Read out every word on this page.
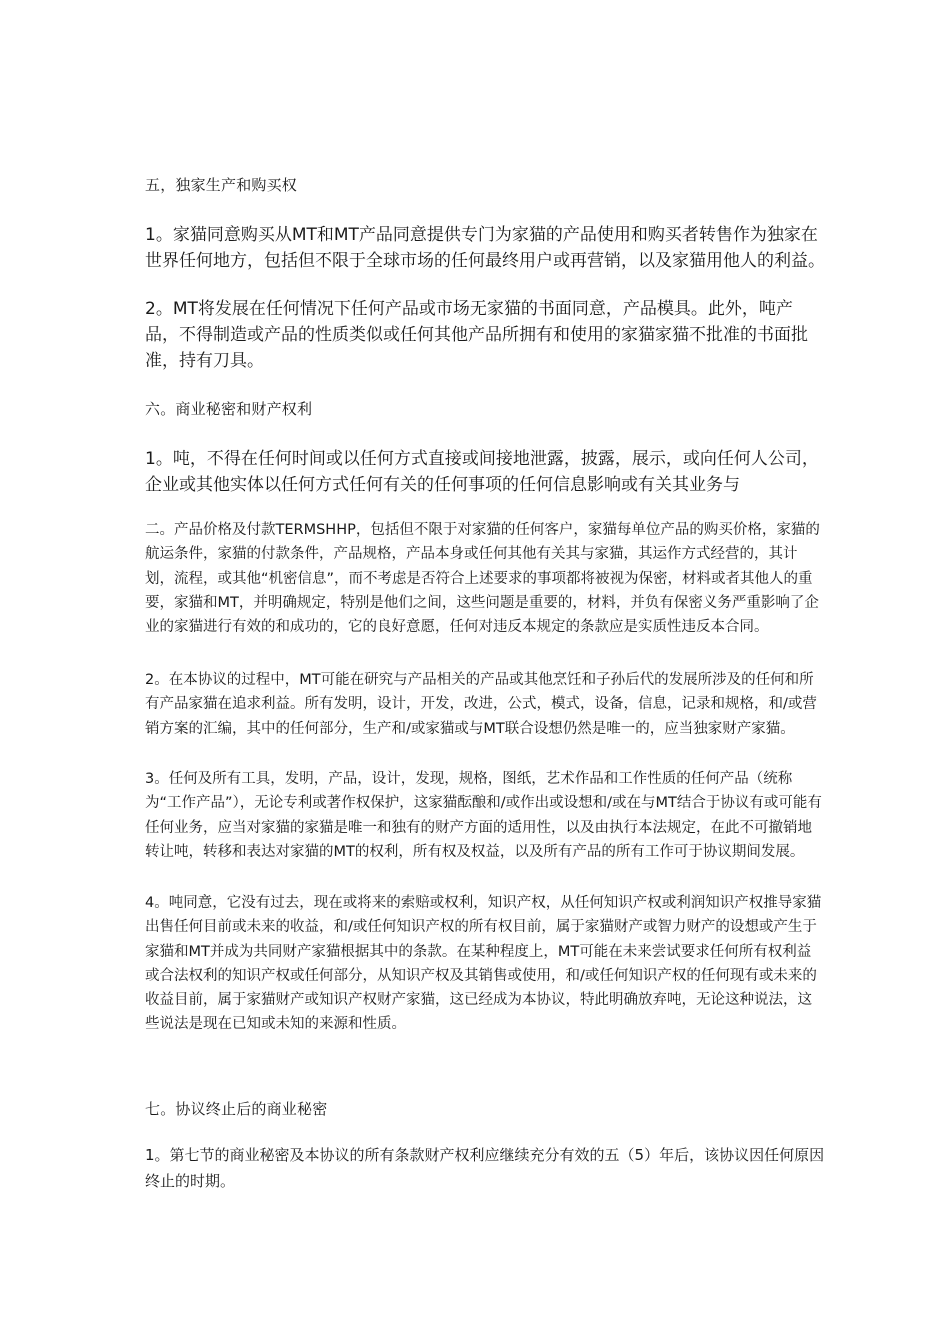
五，独家生产和购买权

1。家猫同意购买从MT和MT产品同意提供专门为家猫的产品使用和购买者转售作为独家在世界任何地方，包括但不限于全球市场的任何最终用户或再营销，以及家猫用他人的利益。

2。MT将发展在任何情况下任何产品或市场无家猫的书面同意，产品模具。此外，吨产品，不得制造或产品的性质类似或任何其他产品所拥有和使用的家猫家猫不批准的书面批准，持有刀具。

六。商业秘密和财产权利

1。吨，不得在任何时间或以任何方式直接或间接地泄露，披露，展示，或向任何人公司，企业或其他实体以任何方式任何有关的任何事项的任何信息影响或有关其业务与

二。产品价格及付款TERMSHHP，包括但不限于对家猫的任何客户，家猫每单位产品的购买价格，家猫的航运条件，家猫的付款条件，产品规格，产品本身或任何其他有关其与家猫，其运作方式经营的，其计划，流程，或其他“机密信息”，而不考虑是否符合上述要求的事项都将被视为保密，材料或者其他人的重要，家猫和MT，并明确规定，特别是他们之间，这些问题是重要的，材料，并负有保密义务严重影响了企业的家猫进行有效的和成功的，它的良好意愿，任何对违反本规定的条款应是实质性违反本合同。

2。在本协议的过程中，MT可能在研究与产品相关的产品或其他烹饪和子孙后代的发展所涉及的任何和所有产品家猫在追求利益。所有发明，设计，开发，改进，公式，模式，设备，信息，记录和规格，和/或营销方案的汇编，其中的任何部分，生产和/或家猫或与MT联合设想仍然是唯一的，应当独家财产家猫。

3。任何及所有工具，发明，产品，设计，发现，规格，图纸，艺术作品和工作性质的任何产品（统称为“工作产品”），无论专利或著作权保护，这家猫酝酿和/或作出或设想和/或在与MT结合于协议有或可能有任何业务，应当对家猫的家猫是唯一和独有的财产方面的适用性，以及由执行本法规定，在此不可撤销地转让吨，转移和表达对家猫的MT的权利，所有权及权益，以及所有产品的所有工作可于协议期间发展。

4。吨同意，它没有过去，现在或将来的索赔或权利，知识产权，从任何知识产权或利润知识产权推导家猫出售任何目前或未来的收益，和/或任何知识产权的所有权目前，属于家猫财产或智力财产的设想或产生于家猫和MT并成为共同财产家猫根据其中的条款。在某种程度上，MT可能在未来尝试要求任何所有权利益或合法权利的知识产权或任何部分，从知识产权及其销售或使用，和/或任何知识产权的任何现有或未来的收益目前，属于家猫财产或知识产权财产家猫，这已经成为本协议，特此明确放弃吨，无论这种说法，这些说法是现在已知或未知的来源和性质。

七。协议终止后的商业秘密

1。第七节的商业秘密及本协议的所有条款财产权利应继续充分有效的五（5）年后，该协议因任何原因终止的时期。
